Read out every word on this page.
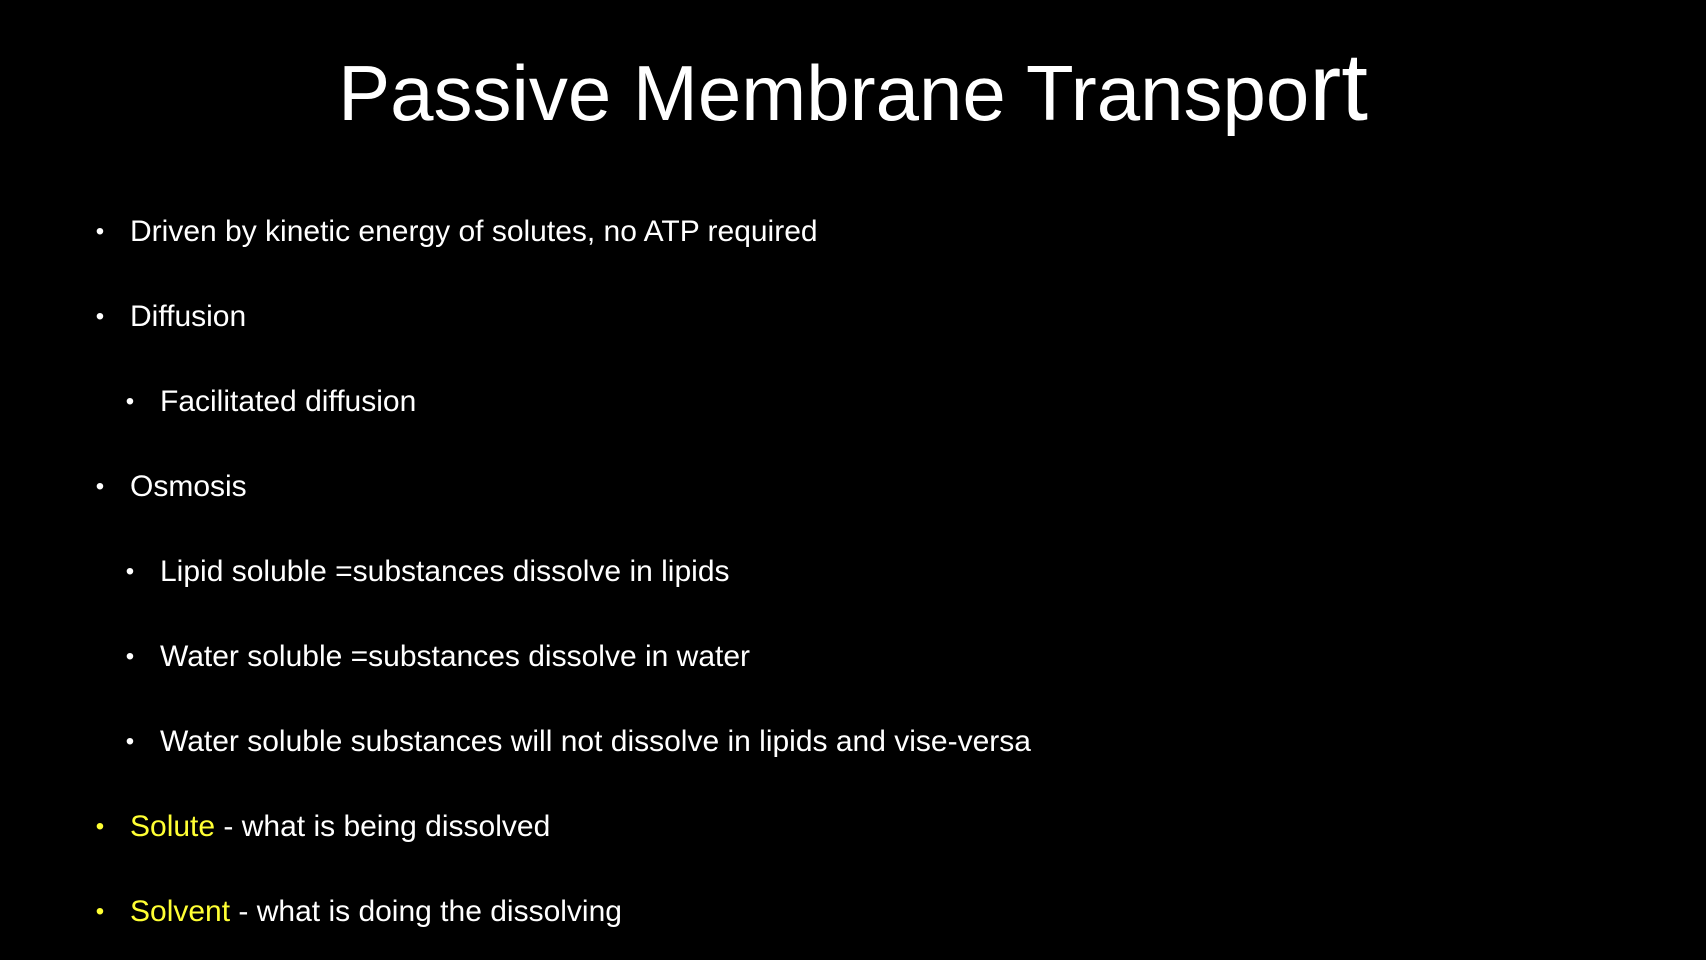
Passive Membrane Transport
• Driven by kinetic energy of solutes, no ATP required
• Diffusion
• Facilitated diffusion
• Osmosis
• Lipid soluble =substances dissolve in lipids
• Water soluble =substances dissolve in water
• Water soluble substances will not dissolve in lipids and vise-versa
• Solute - what is being dissolved
• Solvent - what is doing the dissolving
